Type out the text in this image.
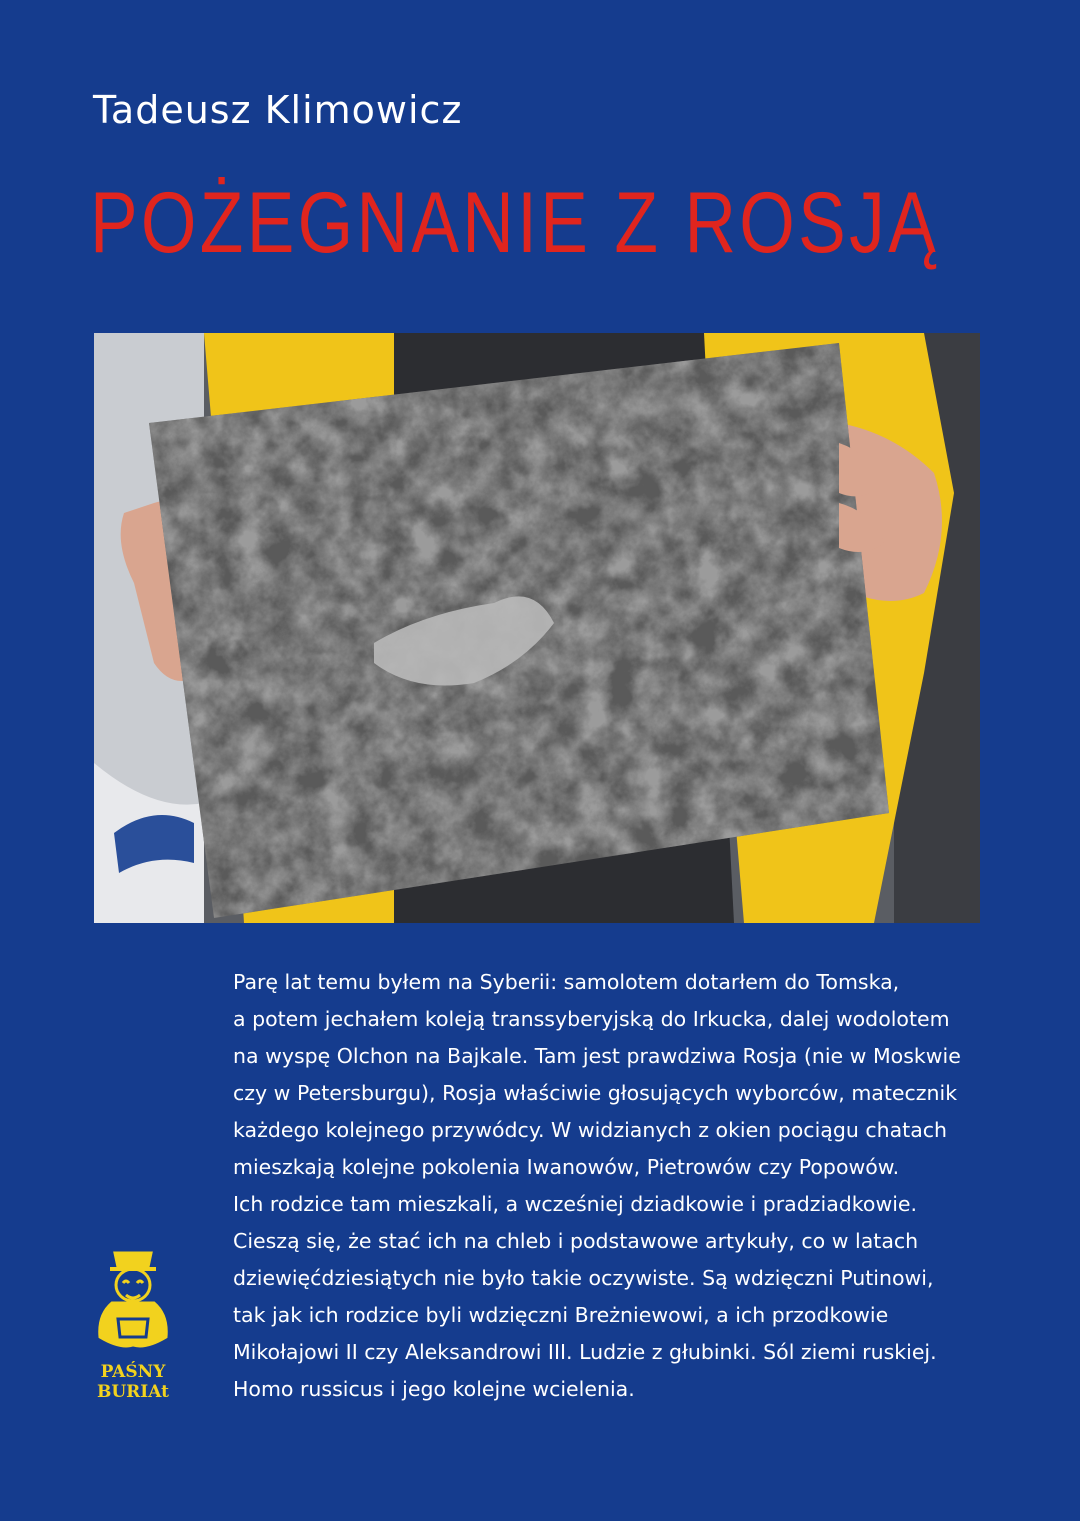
Tadeusz Klimowicz
POŻEGNANIE Z ROSJĄ
Parę lat temu byłem na Syberii: samolotem dotarłem do Tomska,
a potem jechałem koleją transsyberyjską do Irkucka, dalej wodolotem
na wyspę Olchon na Bajkale. Tam jest prawdziwa Rosja (nie w Moskwie
czy w Petersburgu), Rosja właściwie głosujących wyborców, matecznik
każdego kolejnego przywódcy. W widzianych z okien pociągu chatach
mieszkają kolejne pokolenia Iwanowów, Pietrowów czy Popowów.
Ich rodzice tam mieszkali, a wcześniej dziadkowie i pradziadkowie.
Cieszą się, że stać ich na chleb i podstawowe artykuły, co w latach
dziewięćdziesiątych nie było takie oczywiste. Są wdzięczni Putinowi,
tak jak ich rodzice byli wdzięczni Breżniewowi, a ich przodkowie
Mikołajowi II czy Aleksandrowi III. Ludzie z głubinki. Sól ziemi ruskiej.
Homo russicus i jego kolejne wcielenia.
PAŚNY
BURIAt
